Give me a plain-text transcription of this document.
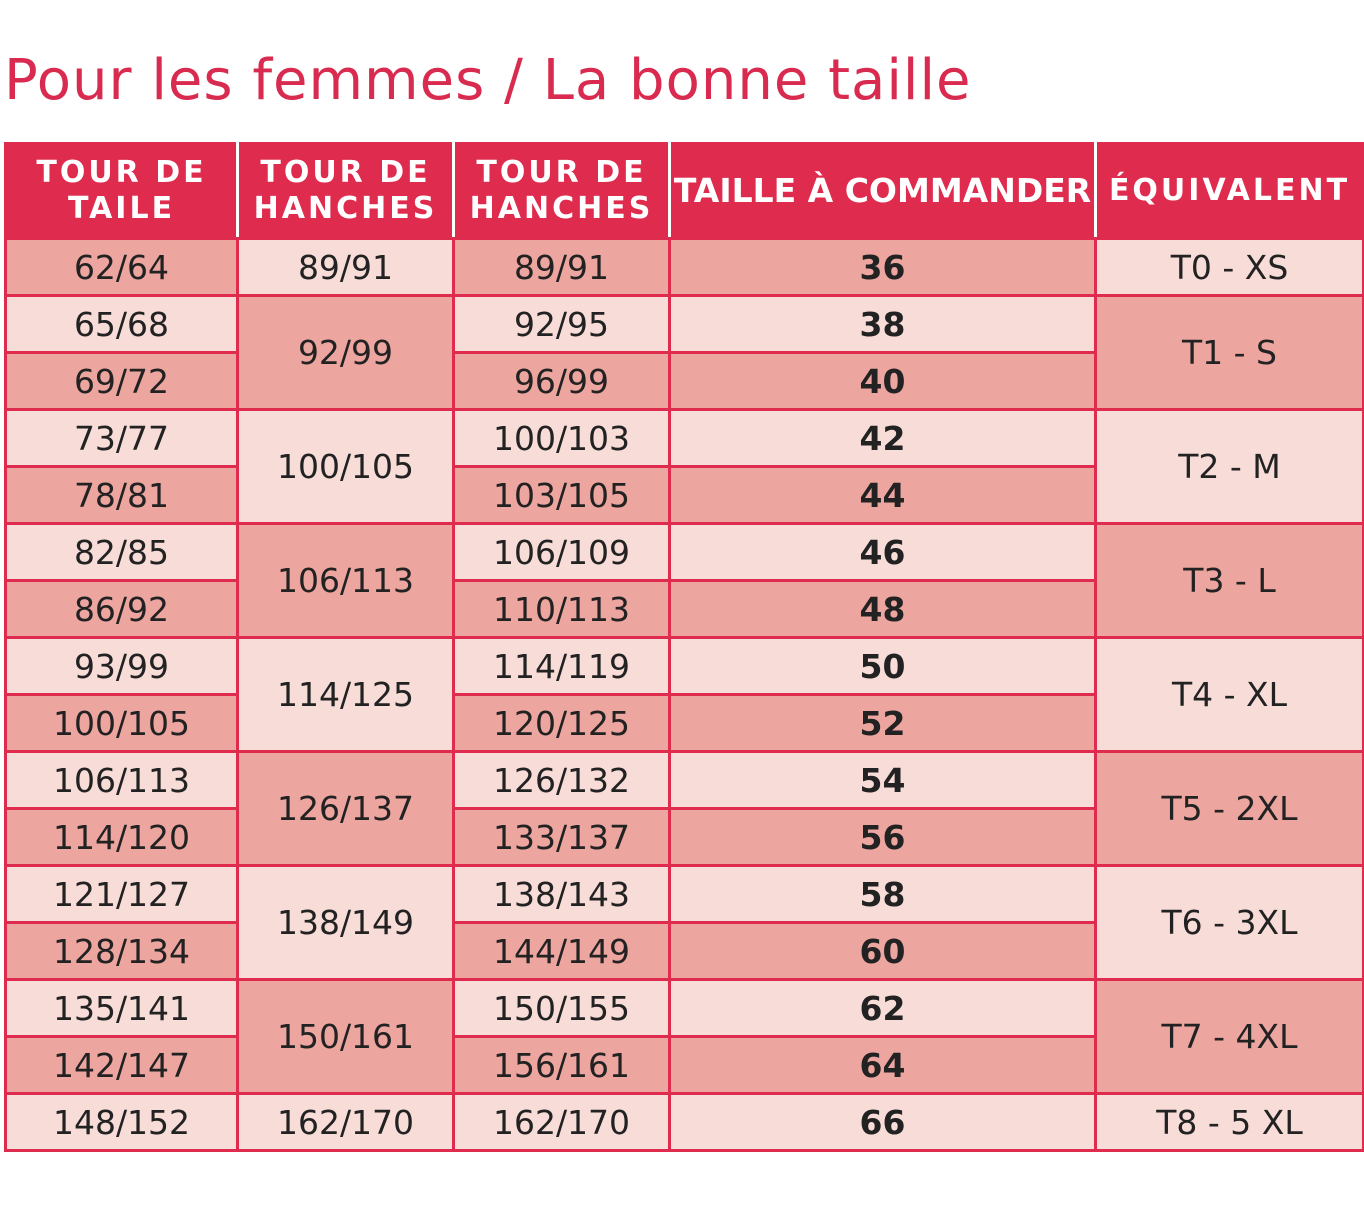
Pour les femmes / La bonne taille
TOUR DE TAILE	TOUR DE HANCHES	TOUR DE HANCHES	TAILLE À COMMANDER	ÉQUIVALENT
62/64	89/91	89/91	36	T0 - XS
65/68	92/99	92/95	38	T1 - S
69/72		96/99	40	
73/77	100/105	100/103	42	T2 - M
78/81		103/105	44	
82/85	106/113	106/109	46	T3 - L
86/92		110/113	48	
93/99	114/125	114/119	50	T4 - XL
100/105		120/125	52	
106/113	126/137	126/132	54	T5 - 2XL
114/120		133/137	56	
121/127	138/149	138/143	58	T6 - 3XL
128/134		144/149	60	
135/141	150/161	150/155	62	T7 - 4XL
142/147		156/161	64	
148/152	162/170	162/170	66	T8 - 5 XL
